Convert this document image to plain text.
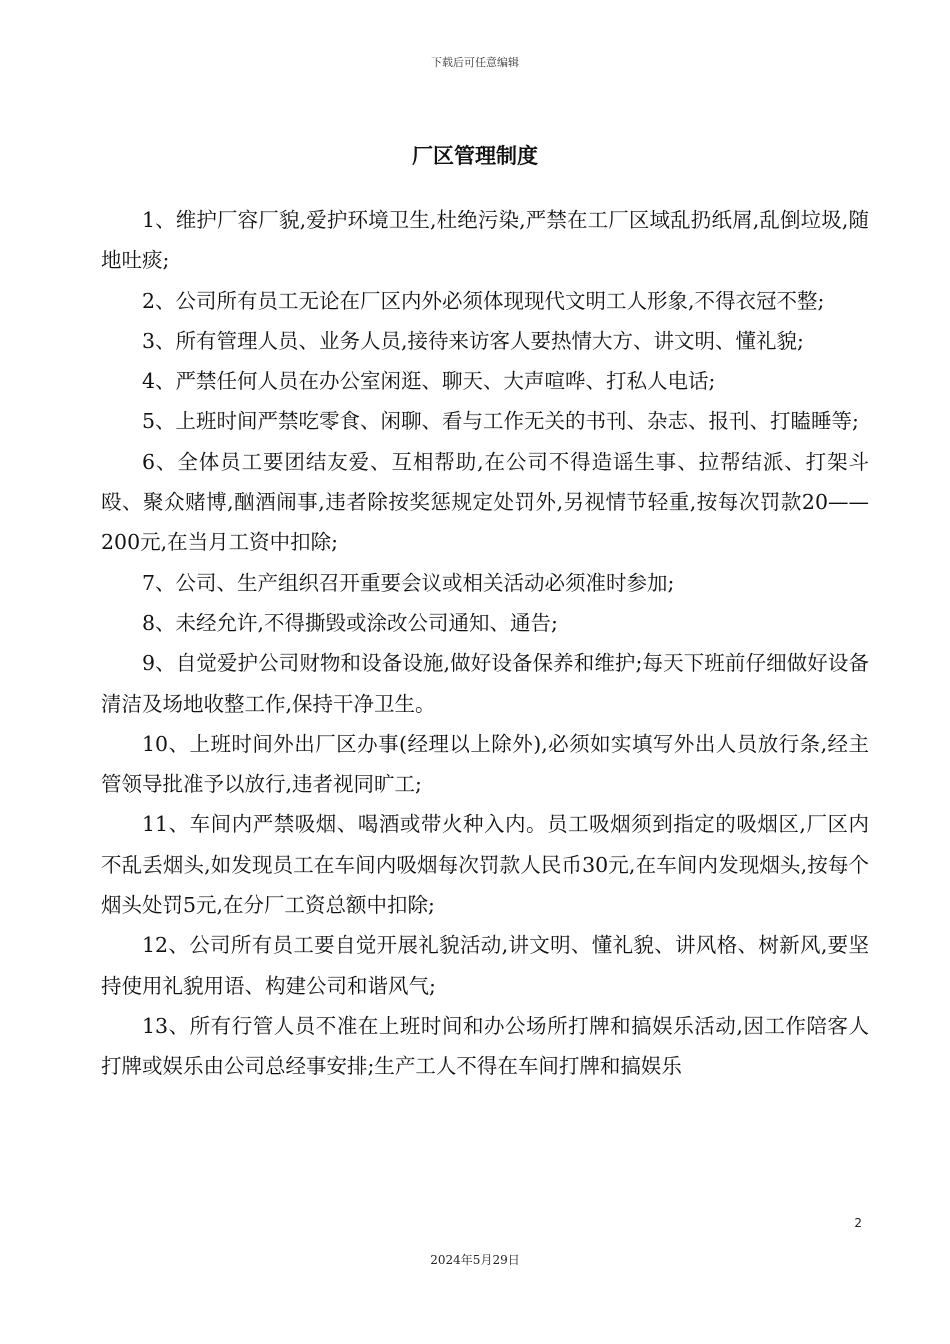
下载后可任意编辑
厂区管理制度

1、维护厂容厂貌,爱护环境卫生,杜绝污染,严禁在工厂区域乱扔纸屑,乱倒垃圾,随地吐痰;

2、公司所有员工无论在厂区内外必须体现现代文明工人形象,不得衣冠不整;

3、所有管理人员、业务人员,接待来访客人要热情大方、讲文明、懂礼貌;

4、严禁任何人员在办公室闲逛、聊天、大声喧哗、打私人电话;

5、上班时间严禁吃零食、闲聊、看与工作无关的书刊、杂志、报刊、打瞌睡等;

6、全体员工要团结友爱、互相帮助,在公司不得造谣生事、拉帮结派、打架斗殴、聚众赌博,酗酒闹事,违者除按奖惩规定处罚外,另视情节轻重,按每次罚款20——200元,在当月工资中扣除;

7、公司、生产组织召开重要会议或相关活动必须准时参加;

8、未经允许,不得撕毁或涂改公司通知、通告;

9、自觉爱护公司财物和设备设施,做好设备保养和维护;每天下班前仔细做好设备清洁及场地收整工作,保持干净卫生。

10、上班时间外出厂区办事(经理以上除外),必须如实填写外出人员放行条,经主管领导批准予以放行,违者视同旷工;

11、车间内严禁吸烟、喝酒或带火种入内。员工吸烟须到指定的吸烟区,厂区内不乱丢烟头,如发现员工在车间内吸烟每次罚款人民币30元,在车间内发现烟头,按每个烟头处罚5元,在分厂工资总额中扣除;

12、公司所有员工要自觉开展礼貌活动,讲文明、懂礼貌、讲风格、树新风,要坚持使用礼貌用语、构建公司和谐风气;

13、所有行管人员不准在上班时间和办公场所打牌和搞娱乐活动,因工作陪客人打牌或娱乐由公司总经事安排;生产工人不得在车间打牌和搞娱乐

2
2024年5月29日
